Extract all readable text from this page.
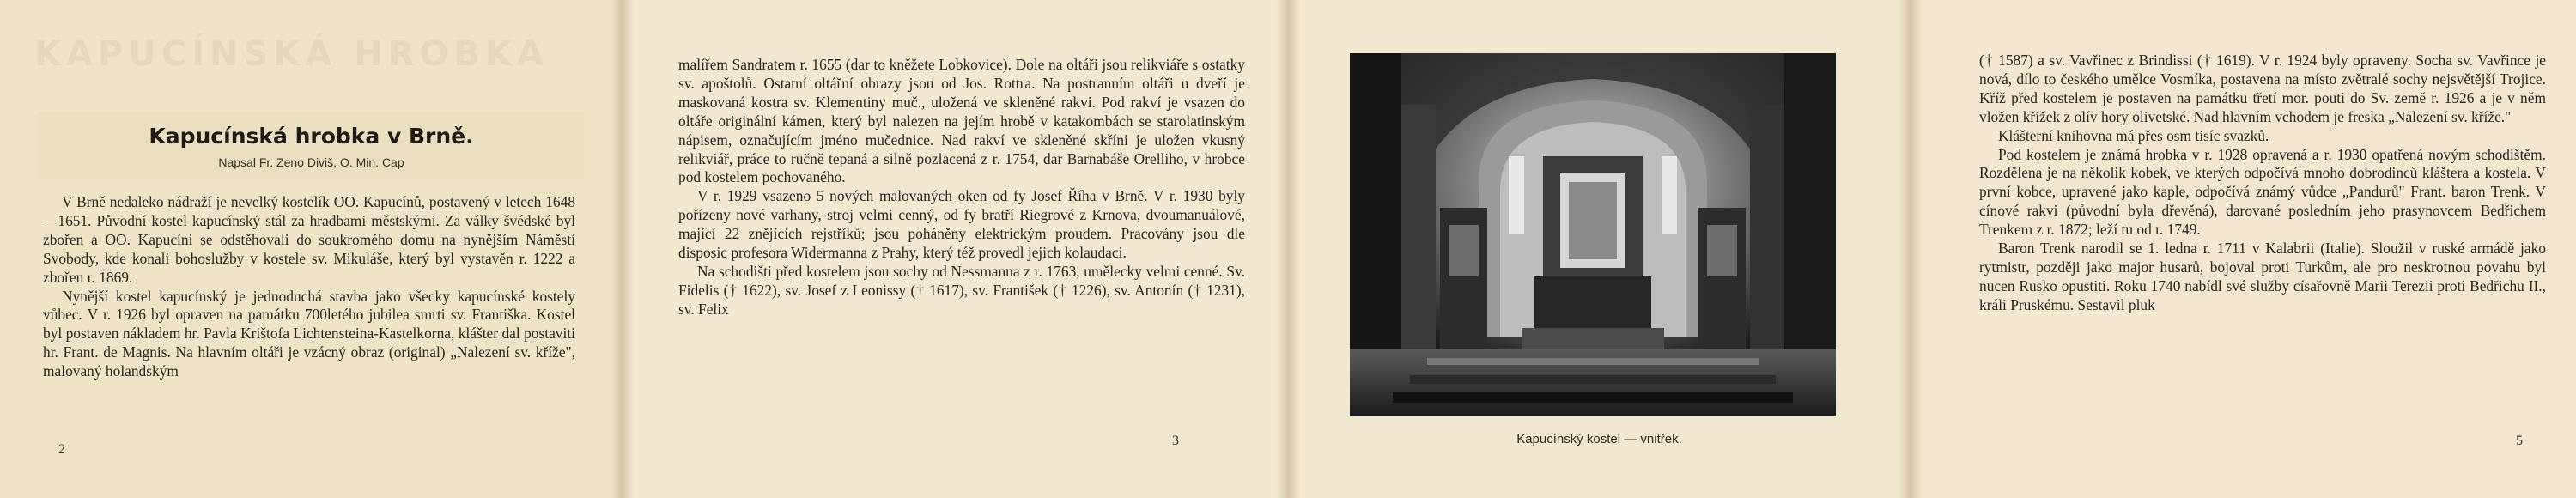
KAPUCÍNSKÁ HROBKA
Kapucínská hrobka v Brně.

Napsal Fr. Zeno Diviš, O. Min. Cap

V Brně nedaleko nádraží je nevelký kostelík OO. Kapucínů, postavený v letech 1648—1651. Původní kostel kapucínský stál za hradbami městskými. Za války švédské byl zbořen a OO. Kapucíni se odstěhovali do soukromého domu na nynějším Náměstí Svobody, kde konali bohoslužby v kostele sv. Mikuláše, který byl vystavěn r. 1222 a zbořen r. 1869.

Nynější kostel kapucínský je jednoduchá stavba jako všecky kapucínské kostely vůbec. V r. 1926 byl opraven na památku 700letého jubilea smrti sv. Františka. Kostel byl postaven nákladem hr. Pavla Krištofa Lichtensteina-Kastelkorna, klášter dal postaviti hr. Frant. de Magnis. Na hlavním oltáři je vzácný obraz (original) „Nalezení sv. kříže", malovaný holandským

2

malířem Sandratem r. 1655 (dar to kněžete Lobkovice). Dole na oltáři jsou relikviáře s ostatky sv. apoštolů. Ostatní oltářní obrazy jsou od Jos. Rottra. Na postranním oltáři u dveří je maskovaná kostra sv. Klementiny muč., uložená ve skleněné rakvi. Pod rakví je vsazen do oltáře originální kámen, který byl nalezen na jejím hrobě v katakombách se starolatinským nápisem, označujícím jméno mučednice. Nad rakví ve skleněné skříni je uložen vkusný relikviář, práce to ručně tepaná a silně pozlacená z r. 1754, dar Barnabáše Orelliho, v hrobce pod kostelem pochovaného.

V r. 1929 vsazeno 5 nových malovaných oken od fy Josef Říha v Brně. V r. 1930 byly pořízeny nové varhany, stroj velmi cenný, od fy bratří Riegrové z Krnova, dvoumanuálové, mající 22 znějících rejstříků; jsou poháněny elektrickým proudem. Pracovány jsou dle disposic profesora Widermanna z Prahy, který též provedl jejich kolaudaci.

Na schodišti před kostelem jsou sochy od Nessmanna z r. 1763, umělecky velmi cenné. Sv. Fidelis († 1622), sv. Josef z Leonissy († 1617), sv. František († 1226), sv. Antonín († 1231), sv. Felix

3	Kapucínský kostel — vnitřek.

(† 1587) a sv. Vavřinec z Brindissi († 1619). V r. 1924 byly opraveny. Socha sv. Vavřince je nová, dílo to českého umělce Vosmíka, postavena na místo zvětralé sochy nejsvětější Trojice. Kříž před kostelem je postaven na památku třetí mor. pouti do Sv. země r. 1926 a je v něm vložen křížek z olív hory olivetské. Nad hlavním vchodem je freska „Nalezení sv. kříže."

Klášterní knihovna má přes osm tisíc svazků.

Pod kostelem je známá hrobka v r. 1928 opravená a r. 1930 opatřená novým schodištěm. Rozdělena je na několik kobek, ve kterých odpočívá mnoho dobrodinců kláštera a kostela. V první kobce, upravené jako kaple, odpočívá známý vůdce „Pandurů" Frant. baron Trenk. V cínové rakvi (původní byla dřevěná), darované posledním jeho prasynovcem Bedřichem Trenkem z r. 1872; leží tu od r. 1749.

Baron Trenk narodil se 1. ledna r. 1711 v Kalabrii (Italie). Sloužil v ruské armádě jako rytmistr, později jako major husarů, bojoval proti Turkům, ale pro neskrotnou povahu byl nucen Rusko opustiti. Roku 1740 nabídl své služby císařovně Marii Terezii proti Bedřichu II., králi Pruskému. Sestavil pluk

5
